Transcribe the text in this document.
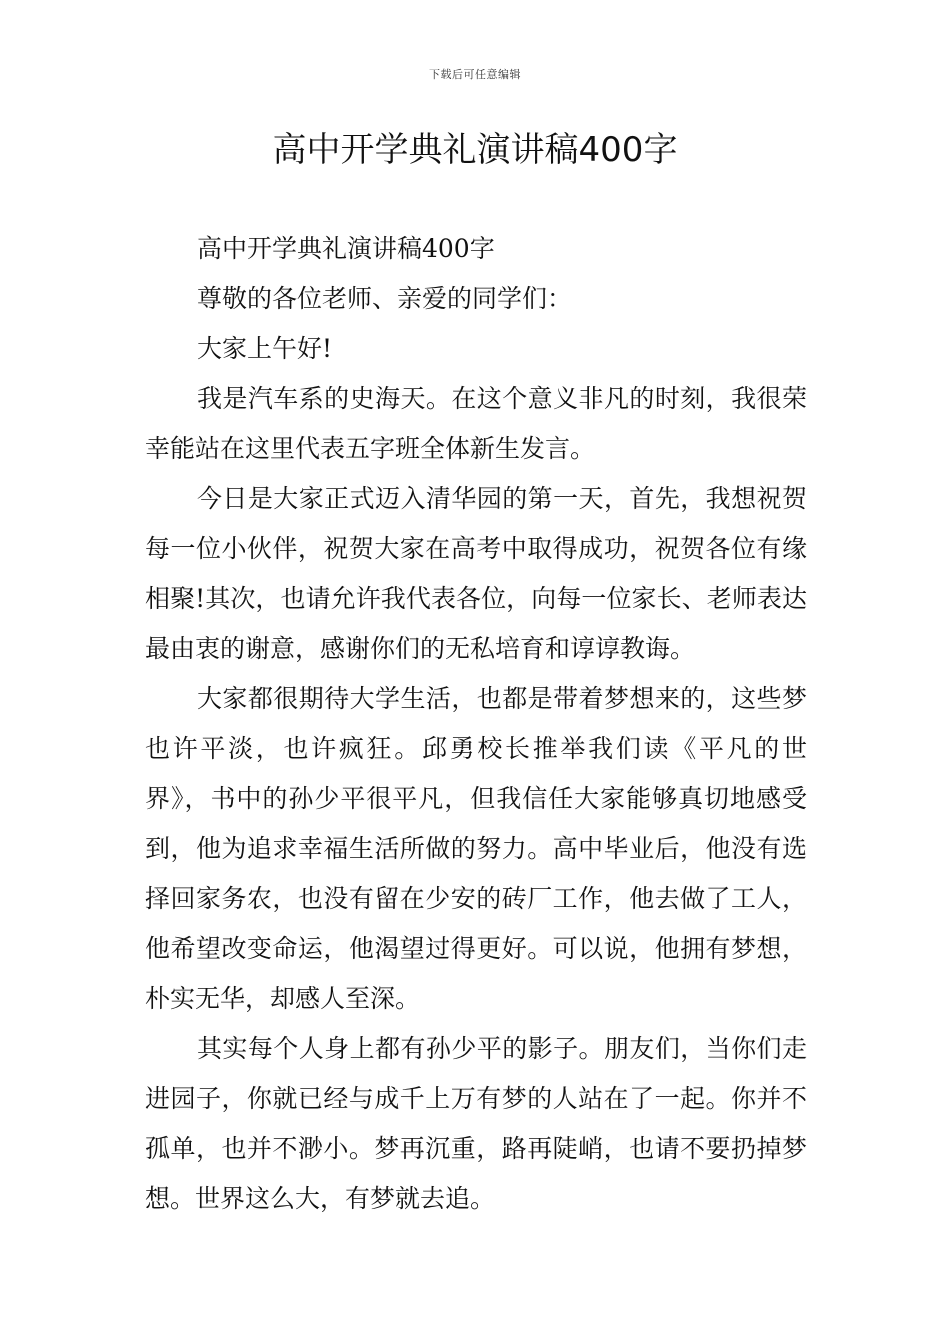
下载后可任意编辑
高中开学典礼演讲稿400字

高中开学典礼演讲稿400字

尊敬的各位老师、亲爱的同学们：

大家上午好!

我是汽车系的史海天。在这个意义非凡的时刻，我很荣幸能站在这里代表五字班全体新生发言。

今日是大家正式迈入清华园的第一天，首先，我想祝贺每一位小伙伴，祝贺大家在高考中取得成功，祝贺各位有缘相聚!其次，也请允许我代表各位，向每一位家长、老师表达最由衷的谢意，感谢你们的无私培育和谆谆教诲。

大家都很期待大学生活，也都是带着梦想来的，这些梦也许平淡，也许疯狂。邱勇校长推举我们读《平凡的世界》，书中的孙少平很平凡，但我信任大家能够真切地感受到，他为追求幸福生活所做的努力。高中毕业后，他没有选择回家务农，也没有留在少安的砖厂工作，他去做了工人，他希望改变命运，他渴望过得更好。可以说，他拥有梦想，朴实无华，却感人至深。

其实每个人身上都有孙少平的影子。朋友们，当你们走进园子，你就已经与成千上万有梦的人站在了一起。你并不孤单，也并不渺小。梦再沉重，路再陡峭，也请不要扔掉梦想。世界这么大，有梦就去追。
